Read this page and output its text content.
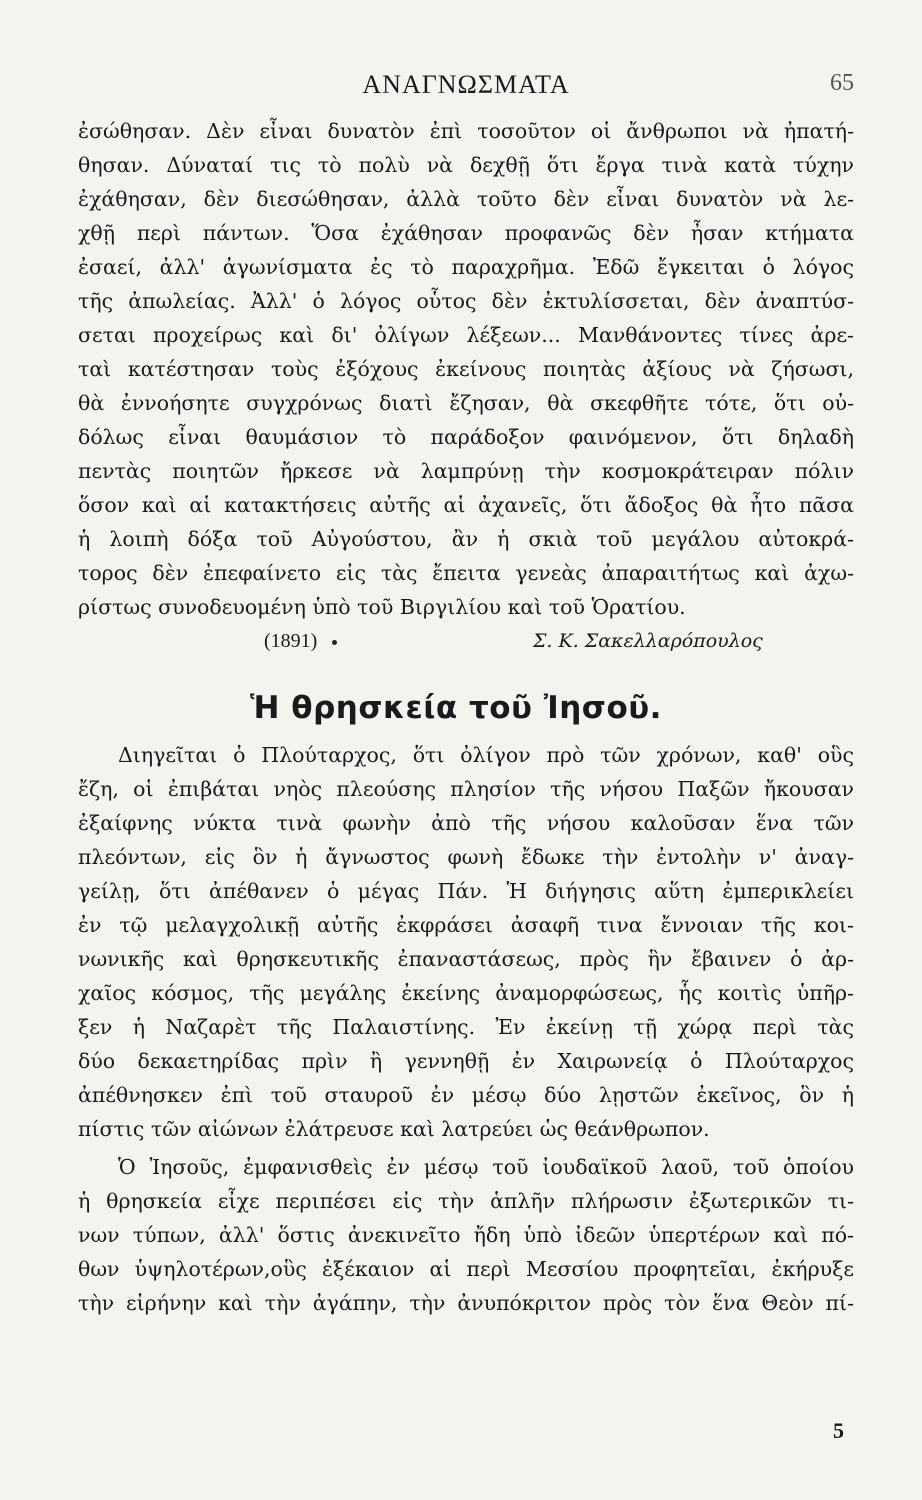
ΑΝΑΓΝΩΣΜΑΤΑ	65
ἐσώθησαν. Δὲν εἶναι δυνατὸν ἐπὶ τοσοῦτον οἱ ἄνθρωποι νὰ ἠπατή-
θησαν. Δύναταί τις τὸ πολὺ νὰ δεχθῇ ὅτι ἔργα τινὰ κατὰ τύχην
ἐχάθησαν, δὲν διεσώθησαν, ἀλλὰ τοῦτο δὲν εἶναι δυνατὸν νὰ λε-
χθῇ περὶ πάντων. Ὅσα ἐχάθησαν προφανῶς δὲν ἦσαν κτήματα
ἐσαεί, ἀλλ' ἀγωνίσματα ἐς τὸ παραχρῆμα. Ἐδῶ ἔγκειται ὁ λόγος
τῆς ἀπωλείας. Ἀλλ' ὁ λόγος οὗτος δὲν ἐκτυλίσσεται, δὲν ἀναπτύσ-
σεται προχείρως καὶ δι' ὀλίγων λέξεων... Μανθάνοντες τίνες ἀρε-
ταὶ κατέστησαν τοὺς ἐξόχους ἐκείνους ποιητὰς ἀξίους νὰ ζήσωσι,
θὰ ἐννοήσητε συγχρόνως διατὶ ἔζησαν, θὰ σκεφθῆτε τότε, ὅτι οὐ-
δόλως εἶναι θαυμάσιον τὸ παράδοξον φαινόμενον, ὅτι δηλαδὴ
πεντὰς ποιητῶν ἤρκεσε νὰ λαμπρύνῃ τὴν κοσμοκράτειραν πόλιν
ὅσον καὶ αἱ κατακτήσεις αὐτῆς αἱ ἀχανεῖς, ὅτι ἄδοξος θὰ ἦτο πᾶσα
ἡ λοιπὴ δόξα τοῦ Αὐγούστου, ἂν ἡ σκιὰ τοῦ μεγάλου αὐτοκρά-
τορος δὲν ἐπεφαίνετο εἰς τὰς ἔπειτα γενεὰς ἀπαραιτήτως καὶ ἀχω-
ρίστως συνοδευομένη ὑπὸ τοῦ Βιργιλίου καὶ τοῦ Ὁρατίου.
(1891)	Σ. Κ. Σακελλαρόπουλος
Ἡ θρησκεία τοῦ Ἰησοῦ.
Διηγεῖται ὁ Πλούταρχος, ὅτι ὀλίγον πρὸ τῶν χρόνων, καθ' οὓς
ἔζη, οἱ ἐπιβάται νηὸς πλεούσης πλησίον τῆς νήσου Παξῶν ἤκουσαν
ἐξαίφνης νύκτα τινὰ φωνὴν ἀπὸ τῆς νήσου καλοῦσαν ἕνα τῶν
πλεόντων, εἰς ὃν ἡ ἄγνωστος φωνὴ ἔδωκε τὴν ἐντολὴν ν' ἀναγ-
γείλῃ, ὅτι ἀπέθανεν ὁ μέγας Πάν. Ἡ διήγησις αὕτη ἐμπερικλείει
ἐν τῷ μελαγχολικῇ αὐτῆς ἐκφράσει ἀσαφῆ τινα ἔννοιαν τῆς κοι-
νωνικῆς καὶ θρησκευτικῆς ἐπαναστάσεως, πρὸς ἣν ἔβαινεν ὁ ἀρ-
χαῖος κόσμος, τῆς μεγάλης ἐκείνης ἀναμορφώσεως, ἧς κοιτὶς ὑπῆρ-
ξεν ἡ Ναζαρὲτ τῆς Παλαιστίνης. Ἐν ἐκείνῃ τῇ χώρᾳ περὶ τὰς
δύο δεκαετηρίδας πρὶν ἢ γεννηθῇ ἐν Χαιρωνείᾳ ὁ Πλούταρχος
ἀπέθνησκεν ἐπὶ τοῦ σταυροῦ ἐν μέσῳ δύο λῃστῶν ἐκεῖνος, ὃν ἡ
πίστις τῶν αἰώνων ἐλάτρευσε καὶ λατρεύει ὡς θεάνθρωπον.
Ὁ Ἰησοῦς, ἐμφανισθεὶς ἐν μέσῳ τοῦ ἰουδαϊκοῦ λαοῦ, τοῦ ὁποίου
ἡ θρησκεία εἶχε περιπέσει εἰς τὴν ἁπλῆν πλήρωσιν ἐξωτερικῶν τι-
νων τύπων, ἀλλ' ὅστις ἀνεκινεῖτο ἤδη ὑπὸ ἰδεῶν ὑπερτέρων καὶ πό-
θων ὑψηλοτέρων,οὓς ἐξέκαιον αἱ περὶ Μεσσίου προφητεῖαι, ἐκήρυξε
τὴν εἰρήνην καὶ τὴν ἀγάπην, τὴν ἀνυπόκριτον πρὸς τὸν ἕνα Θεὸν πί-
5
